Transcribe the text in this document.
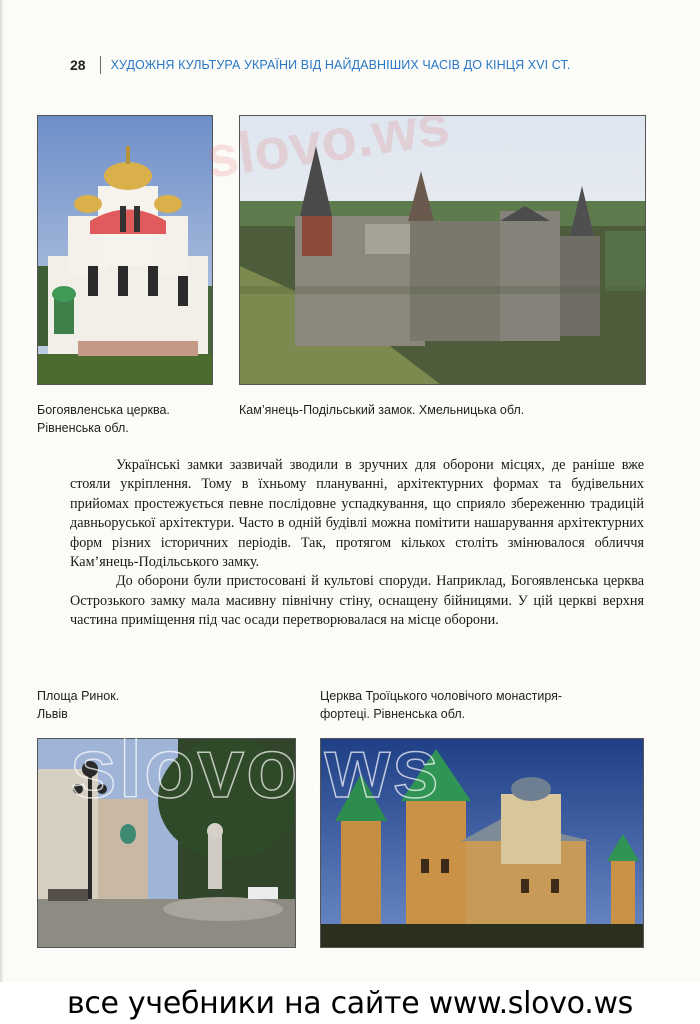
28 ХУДОЖНЯ КУЛЬТУРА УКРАЇНИ ВІД НАЙДАВНІШИХ ЧАСІВ ДО КІНЦЯ XVI СТ.
Богоявленська церква.
Рівненська обл.
Кам’янець-Подільський замок. Хмельницька обл.

Українські замки зазвичай зводили в зручних для оборони місцях, де раніше вже стояли укріплення. Тому в їхньому плануванні, архітектурних формах та будівельних прийомах простежується певне послідовне успадкування, що сприяло збереженню традицій давньоруської архітектури. Часто в одній будівлі можна помітити нашарування архітектурних форм різних історичних періодів. Так, протягом кількох століть змінювалося обличчя Кам’янець-Подільського замку.

До оборони були пристосовані й культові споруди. Наприклад, Богоявленська церква Острозького замку мала масивну північну стіну, оснащену бійницями. У цій церкві верхня частина приміщення під час осади перетворювалася на місце оборони.

Площа Ринок.
Львів
Церква Троїцького чоловічого монастиря-
фортеці. Рівненська обл.
все учебники на сайте www.slovo.ws
